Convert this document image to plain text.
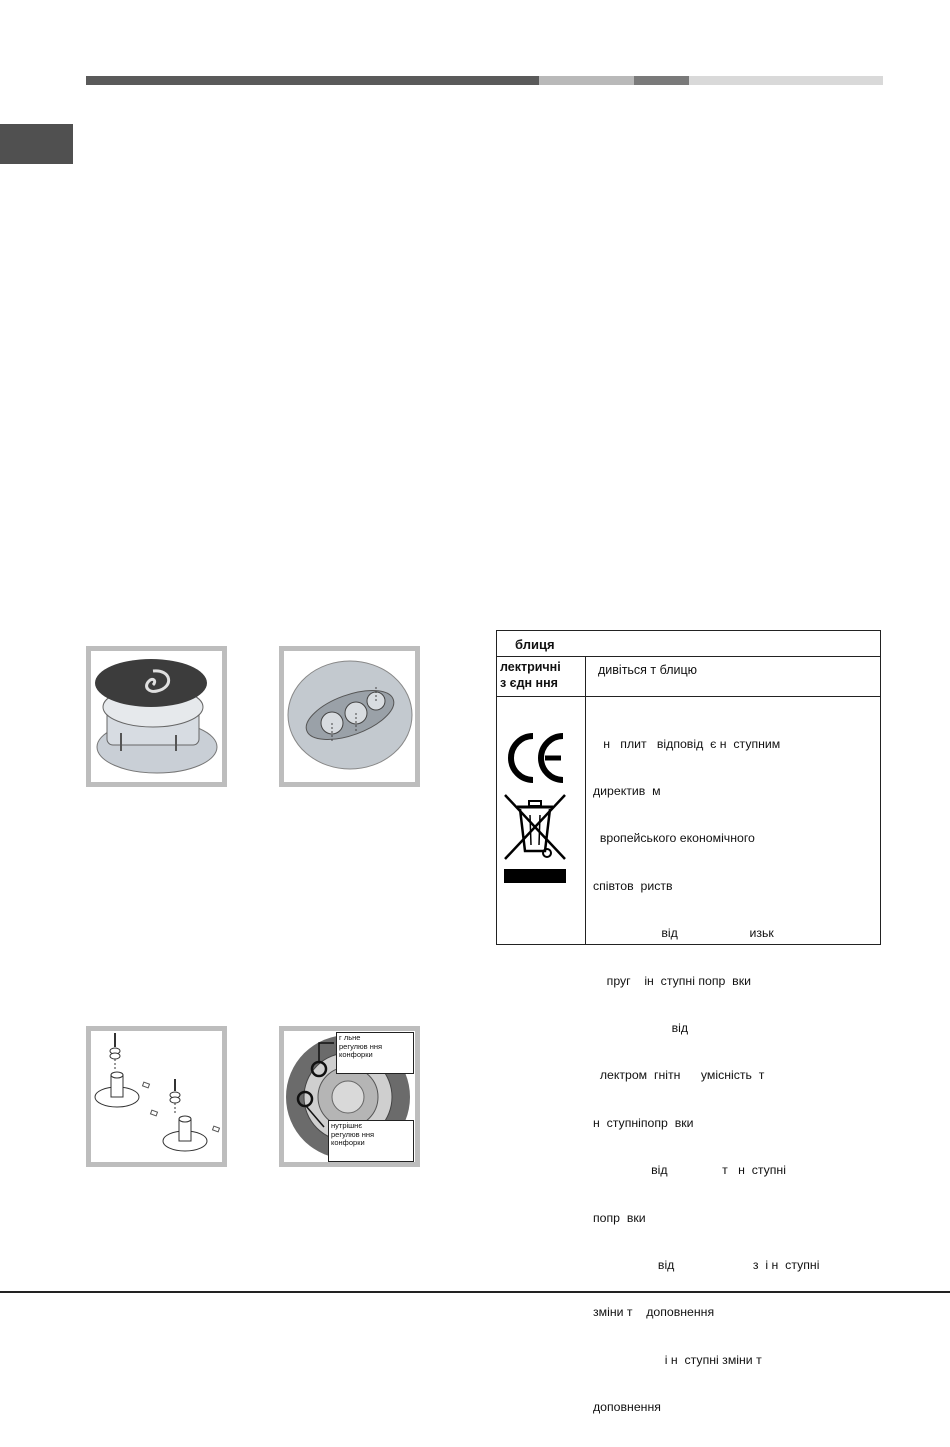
г льне
регулюв ння
конфорки
нутрішнє
регулюв ння
конфорки
блиця
лектричні
з єдн ння
дивіться т блицю

н   плит   відповід  є н  ступним

директив  м

вропейського економічного

співтов  риств

від                     изьк

пруг    ін  ступні попр  вки

від

лектром  гнітн      умісність  т

н  ступніпопр  вки

від                т   н  ступні

попр  вки

від                       з  і н  ступні

зміни т    доповнення

і н  ступні зміни т

доповнення
